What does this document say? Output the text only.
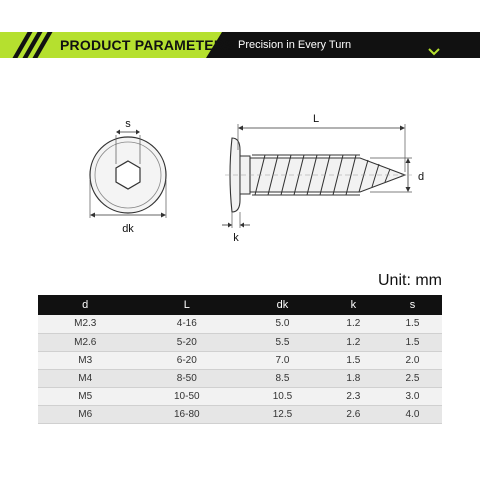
PRODUCT PARAMETERS Precision in Every Turn
s
dk
L
d
k
Unit: mm
d	L	dk	k	s
M2.3	4-16	5.0	1.2	1.5
M2.6	5-20	5.5	1.2	1.5
M3	6-20	7.0	1.5	2.0
M4	8-50	8.5	1.8	2.5
M5	10-50	10.5	2.3	3.0
M6	16-80	12.5	2.6	4.0
